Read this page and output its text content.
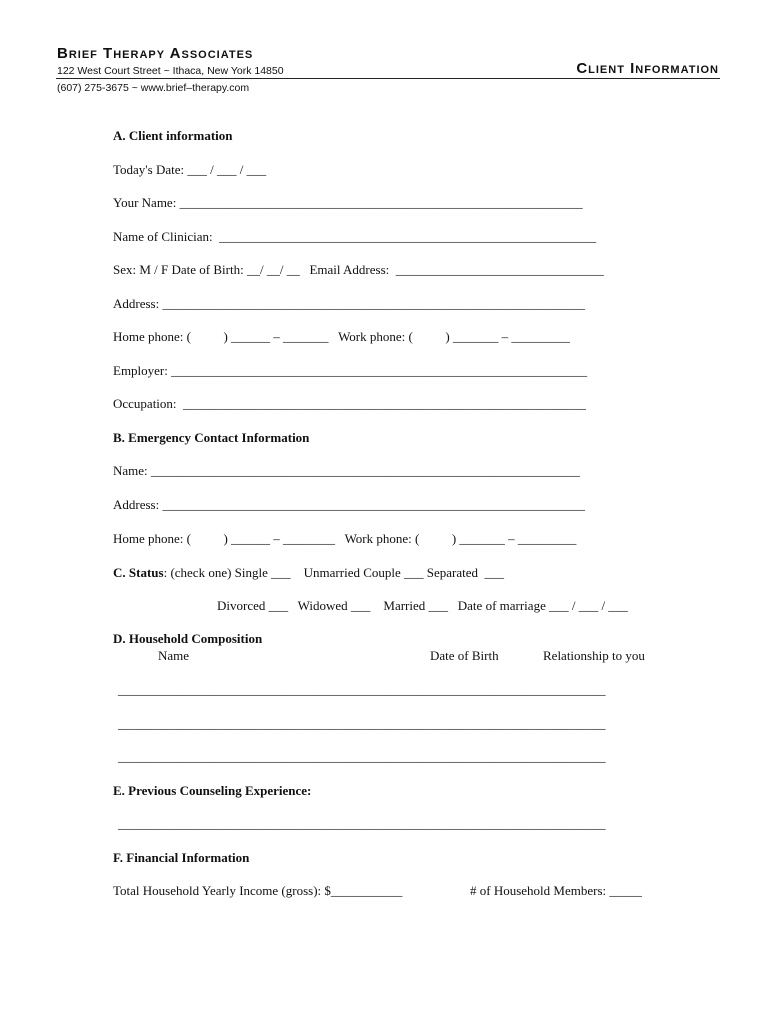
Brief Therapy Associates
122 West Court Street ~ Ithaca, New York 14850
(607) 275-3675 ~ www.brief–therapy.com
Client Information
A. Client information
Today's Date: ___ / ___ / ___
Your Name: ______________________________________________________________
Name of Clinician:  __________________________________________________________
Sex: M / F Date of Birth: __/ __/ __   Email Address:  ________________________________
Address: _________________________________________________________________
Home phone: (          ) ______ – _______   Work phone: (          ) _______ – _________
Employer: ________________________________________________________________
Occupation:  ______________________________________________________________
B. Emergency Contact Information
Name: __________________________________________________________________
Address: _________________________________________________________________
Home phone: (          ) ______ – ________   Work phone: (          ) _______ – _________
C. Status: (check one) Single ___    Unmarried Couple ___ Separated  ___
Divorced ___   Widowed ___    Married ___   Date of marriage ___ / ___ / ___
D. Household Composition
Name	Date of Birth	Relationship to you
___________________________________________________________________________
___________________________________________________________________________
___________________________________________________________________________
E. Previous Counseling Experience:
___________________________________________________________________________
F. Financial Information
Total Household Yearly Income (gross): $___________	# of Household Members: _____
